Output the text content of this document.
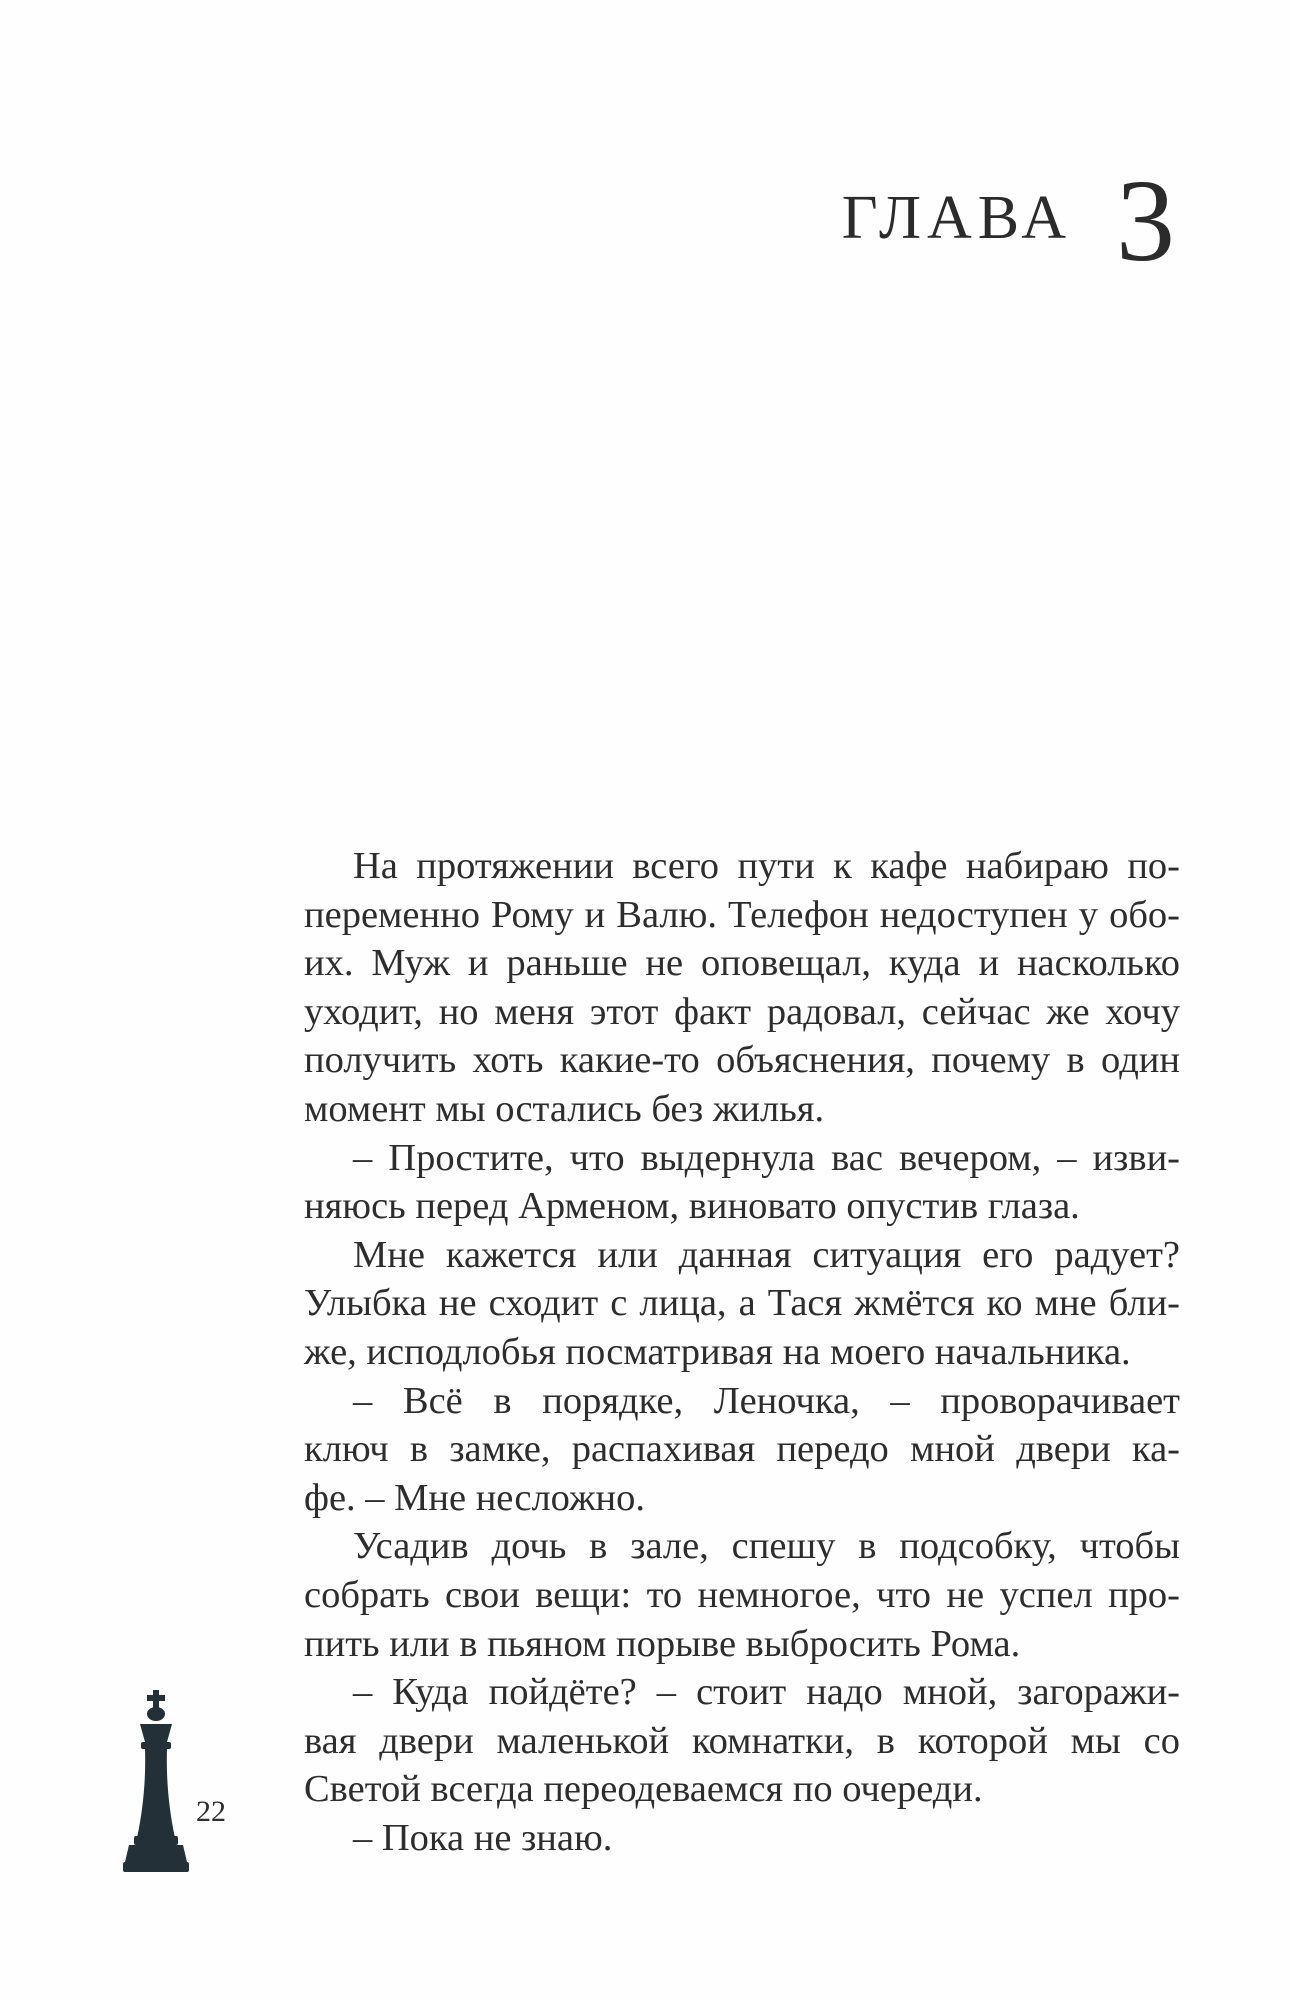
ГЛАВА 3

На протяжении всего пути к кафе набираю по-
переменно Рому и Валю. Телефон недоступен у обо-
их. Муж и раньше не оповещал, куда и насколько
уходит, но меня этот факт радовал, сейчас же хочу
получить хоть какие-то объяснения, почему в один
момент мы остались без жилья.

– Простите, что выдернула вас вечером, – изви-
няюсь перед Арменом, виновато опустив глаза.

Мне кажется или данная ситуация его радует?
Улыбка не сходит с лица, а Тася жмётся ко мне бли-
же, исподлобья посматривая на моего начальника.

– Всё в порядке, Леночка, – проворачивает
ключ в замке, распахивая передо мной двери ка-
фе. – Мне несложно.

Усадив дочь в зале, спешу в подсобку, чтобы
собрать свои вещи: то немногое, что не успел про-
пить или в пьяном порыве выбросить Рома.

– Куда пойдёте? – стоит надо мной, загоражи-
вая двери маленькой комнатки, в которой мы со
Светой всегда переодеваемся по очереди.

– Пока не знаю.

22
